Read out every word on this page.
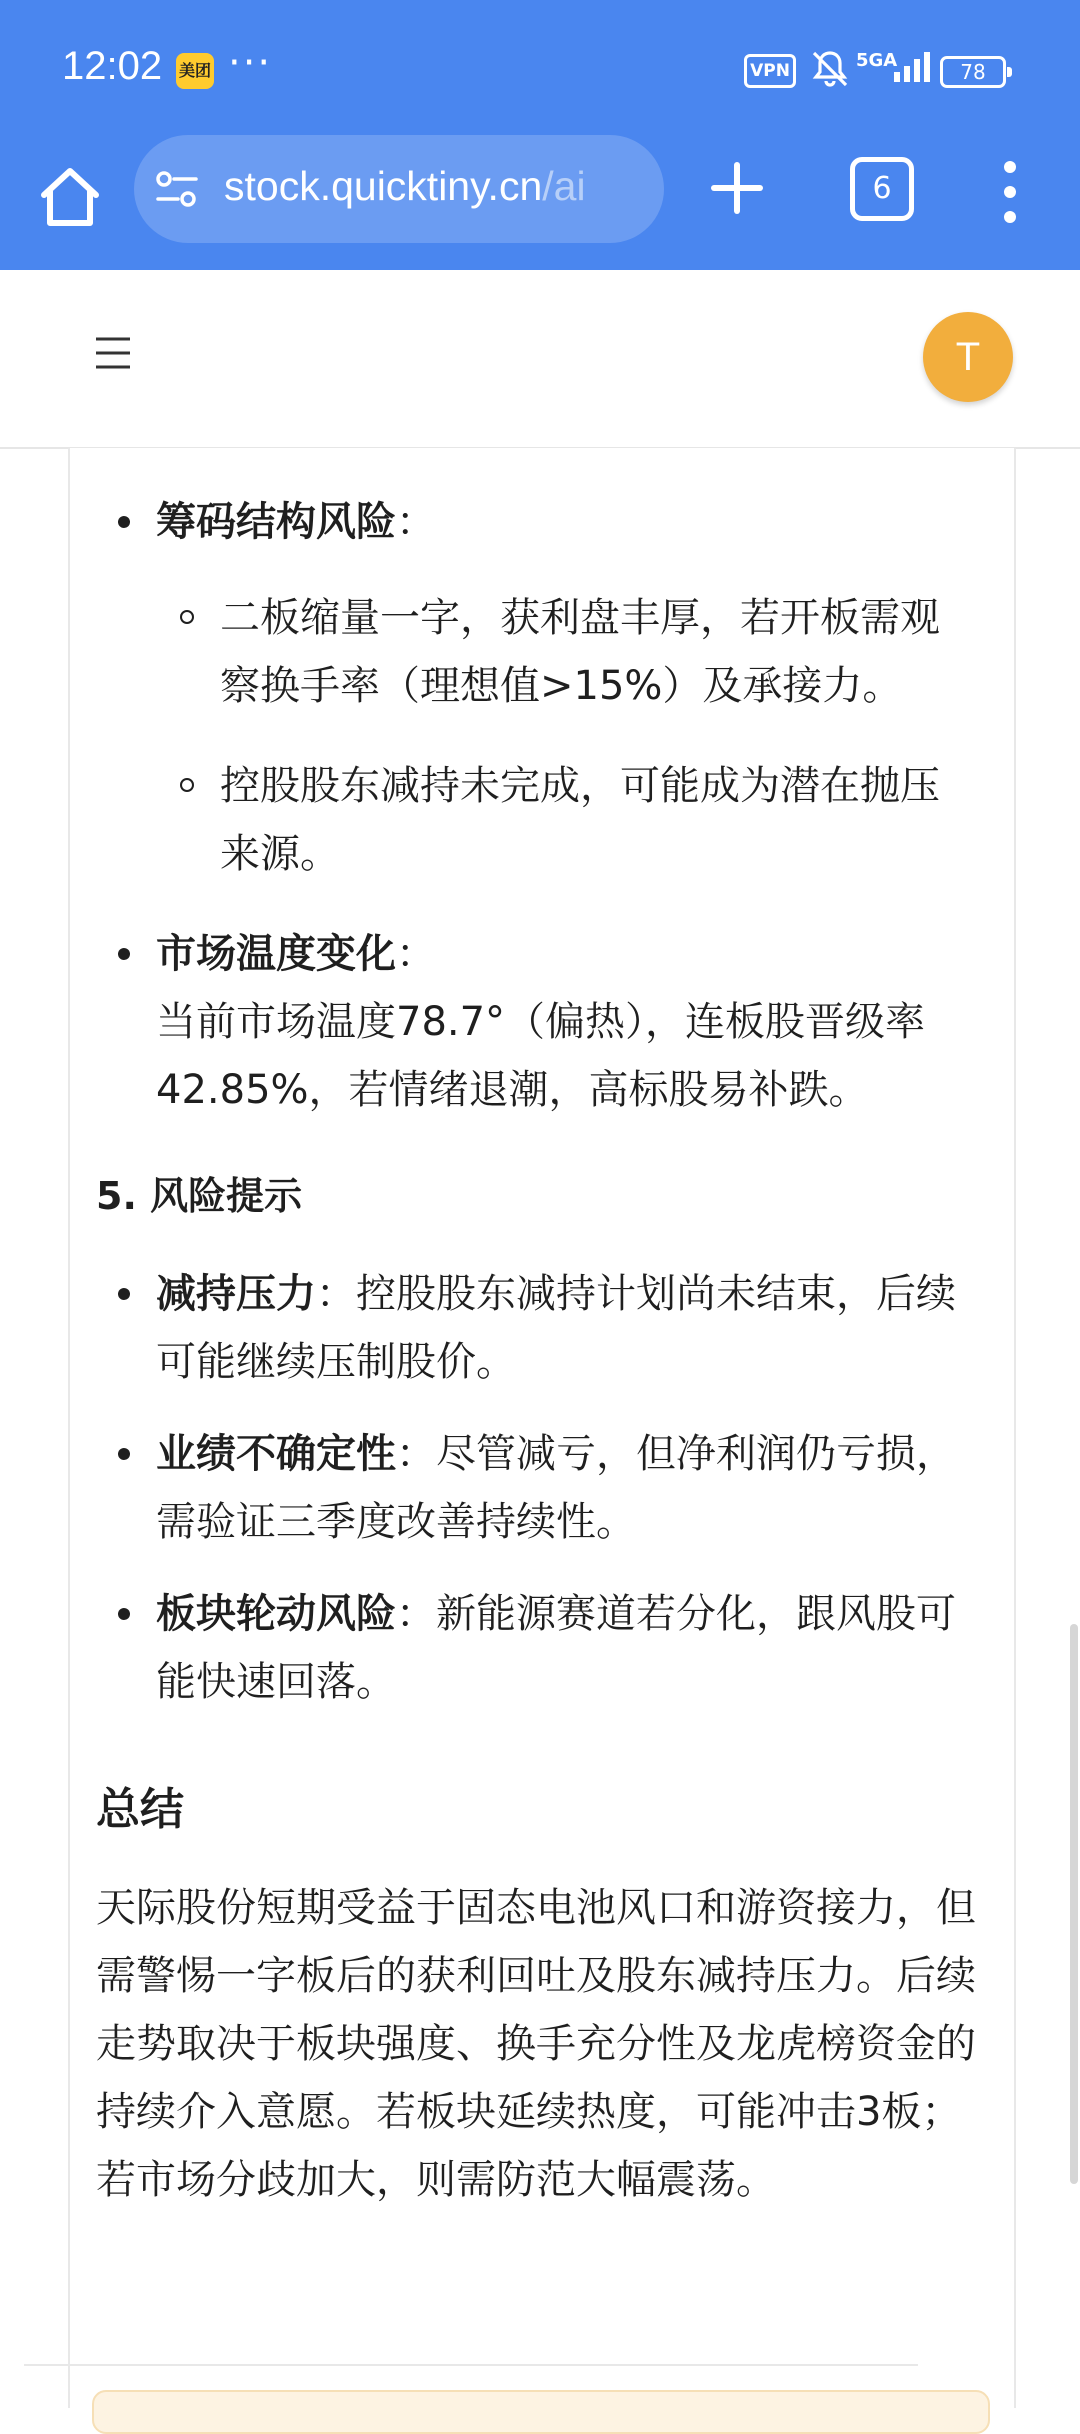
12:02 美团 ···	VPN	5GA	78
stock.quicktiny.cn/ai	6
T
筹码结构风险：
二板缩量一字，获利盘丰厚，若开板需观察换手率（理想值>15%）及承接力。
控股股东减持未完成，可能成为潜在抛压来源。
市场温度变化：
当前市场温度78.7°（偏热），连板股晋级率42.85%，若情绪退潮，高标股易补跌。
5. 风险提示
减持压力：控股股东减持计划尚未结束，后续可能继续压制股价。
业绩不确定性：尽管减亏，但净利润仍亏损，需验证三季度改善持续性。
板块轮动风险：新能源赛道若分化，跟风股可能快速回落。
总结

天际股份短期受益于固态电池风口和游资接力，但需警惕一字板后的获利回吐及股东减持压力。后续走势取决于板块强度、换手充分性及龙虎榜资金的持续介入意愿。若板块延续热度，可能冲击3板；若市场分歧加大，则需防范大幅震荡。
